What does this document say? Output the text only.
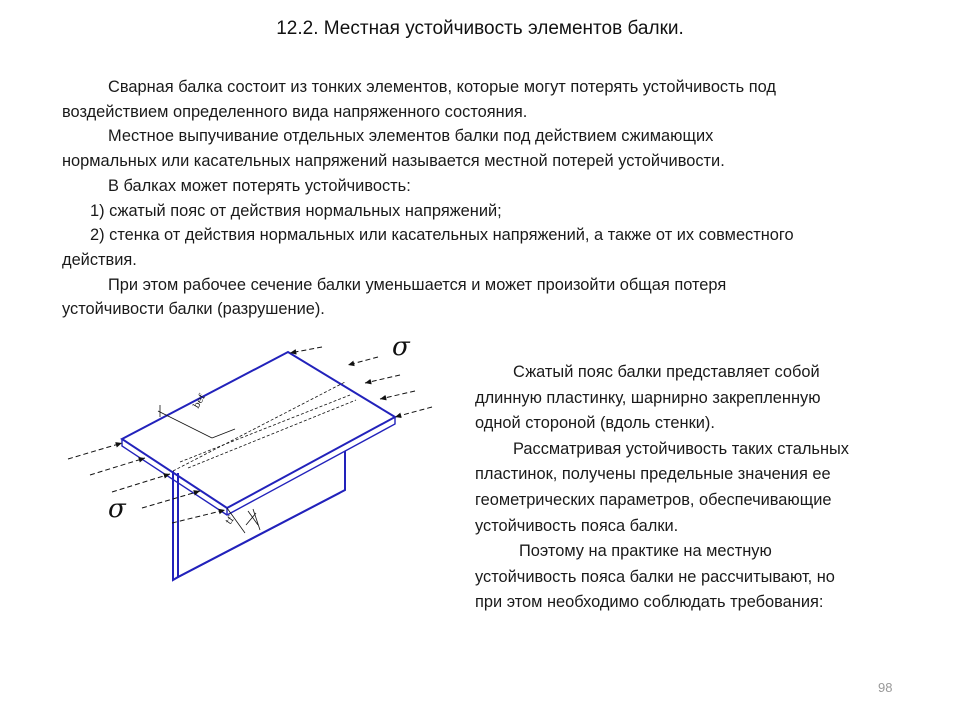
12.2. Местная устойчивость элементов балки.

Сварная балка состоит из тонких элементов, которые могут потерять устойчивость под

воздействием определенного вида напряженного состояния.

Местное выпучивание отдельных элементов балки под действием сжимающих

нормальных или касательных напряжений называется местной потерей устойчивости.

В балках может потерять устойчивость:

1) сжатый пояс от действия нормальных напряжений;

2) стенка от действия нормальных или касательных напряжений, а также от их совместного

действия.

При этом рабочее сечение балки уменьшается и может произойти общая потеря

устойчивости балки (разрушение).

bef
tf
σ
σ

Сжатый пояс балки представляет собой

длинную пластинку, шарнирно закрепленную

одной стороной (вдоль стенки).

Рассматривая устойчивость таких стальных

пластинок, получены предельные значения ее

геометрических параметров, обеспечивающие

устойчивость пояса балки.

Поэтому на практике на местную

устойчивость пояса балки не рассчитывают, но

при этом необходимо соблюдать требования:

98
